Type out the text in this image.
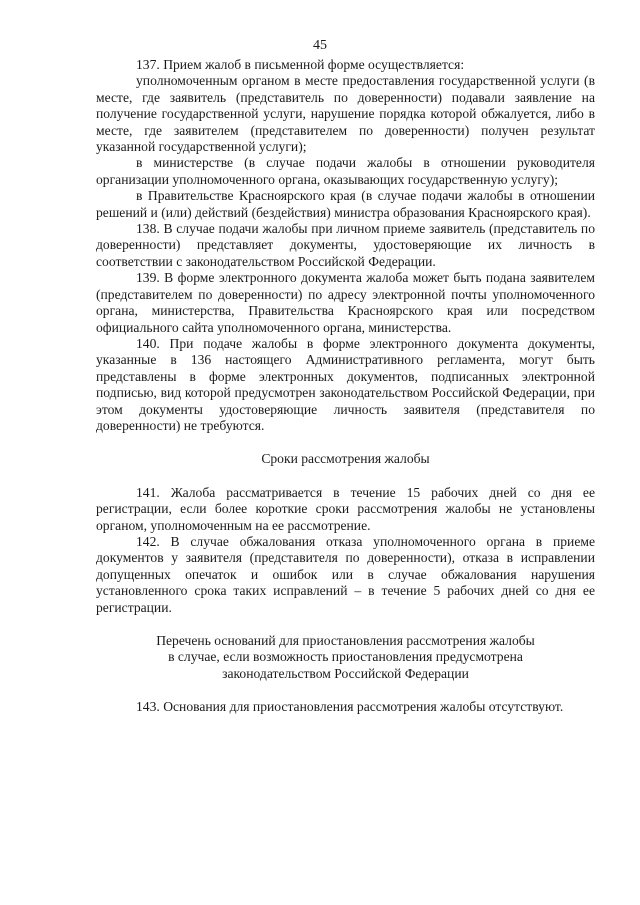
45

137. Прием жалоб в письменной форме осуществляется:

уполномоченным органом в месте предоставления государственной услуги (в месте, где заявитель (представитель по доверенности) подавали заявление на получение государственной услуги, нарушение порядка которой обжалуется, либо в месте, где заявителем (представителем по доверенности) получен результат указанной государственной услуги);

в министерстве (в случае подачи жалобы в отношении руководителя организации уполномоченного органа, оказывающих государственную услугу);

в Правительстве Красноярского края (в случае подачи жалобы в отношении решений и (или) действий (бездействия) министра образования Красноярского края).

138. В случае подачи жалобы при личном приеме заявитель (представитель по доверенности) представляет документы, удостоверяющие их личность в соответствии с законодательством Российской Федерации.

139. В форме электронного документа жалоба может быть подана заявителем (представителем по доверенности) по адресу электронной почты уполномоченного органа, министерства, Правительства Красноярского края или посредством официального сайта уполномоченного органа, министерства.

140. При подаче жалобы в форме электронного документа документы, указанные в 136 настоящего Административного регламента, могут быть представлены в форме электронных документов, подписанных электронной подписью, вид которой предусмотрен законодательством Российской Федерации, при этом документы удостоверяющие личность заявителя (представителя по доверенности) не требуются.

Сроки рассмотрения жалобы

141. Жалоба рассматривается в течение 15 рабочих дней со дня ее регистрации, если более короткие сроки рассмотрения жалобы не установлены органом, уполномоченным на ее рассмотрение.

142. В случае обжалования отказа уполномоченного органа в приеме документов у заявителя (представителя по доверенности), отказа в исправлении допущенных опечаток и ошибок или в случае обжалования нарушения установленного срока таких исправлений – в течение 5 рабочих дней со дня ее регистрации.

Перечень оснований для приостановления рассмотрения жалобы
в случае, если возможность приостановления предусмотрена
законодательством Российской Федерации

143. Основания для приостановления рассмотрения жалобы отсутствуют.
